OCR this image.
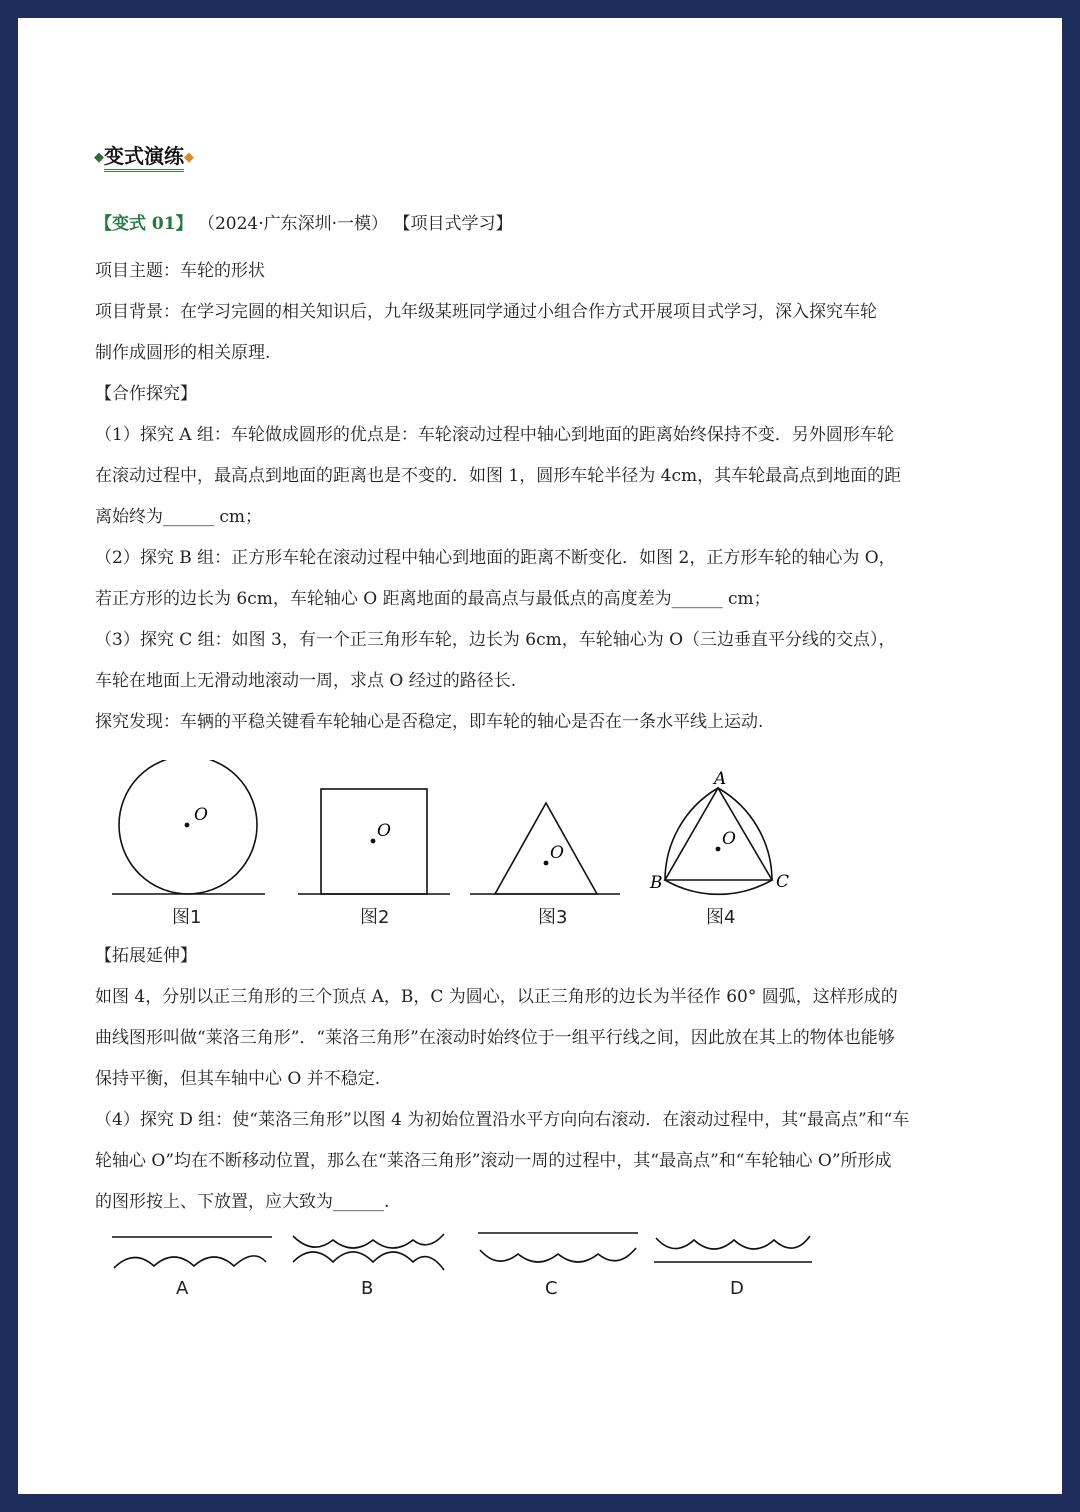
◆变式演练◆
【变式 01】 （2024·广东深圳·一模） 【项目式学习】
项目主题：车轮的形状
项目背景：在学习完圆的相关知识后，九年级某班同学通过小组合作方式开展项目式学习，深入探究车轮
制作成圆形的相关原理.
【合作探究】
（1）探究 A 组：车轮做成圆形的优点是：车轮滚动过程中轴心到地面的距离始终保持不变．另外圆形车轮
在滚动过程中，最高点到地面的距离也是不变的．如图 1，圆形车轮半径为 4cm，其车轮最高点到地面的距
离始终为______ cm；
（2）探究 B 组：正方形车轮在滚动过程中轴心到地面的距离不断变化．如图 2，正方形车轮的轴心为 O，
若正方形的边长为 6cm，车轮轴心 O 距离地面的最高点与最低点的高度差为______ cm；
（3）探究 C 组：如图 3，有一个正三角形车轮，边长为 6cm，车轮轴心为 O（三边垂直平分线的交点），
车轮在地面上无滑动地滚动一周，求点 O 经过的路径长.
探究发现：车辆的平稳关键看车轮轴心是否稳定，即车轮的轴心是否在一条水平线上运动.
O
O
O
O
A
B	C
图1	图2	图3	图4
【拓展延伸】
如图 4，分别以正三角形的三个顶点 A，B，C 为圆心，以正三角形的边长为半径作 60° 圆弧，这样形成的
曲线图形叫做“莱洛三角形”．“莱洛三角形”在滚动时始终位于一组平行线之间，因此放在其上的物体也能够
保持平衡，但其车轴中心 O 并不稳定.
（4）探究 D 组：使“莱洛三角形”以图 4 为初始位置沿水平方向向右滚动．在滚动过程中，其“最高点”和“车
轮轴心 O”均在不断移动位置，那么在“莱洛三角形”滚动一周的过程中，其“最高点”和“车轮轴心 O”所形成
的图形按上、下放置，应大致为______.
A	B	C	D
